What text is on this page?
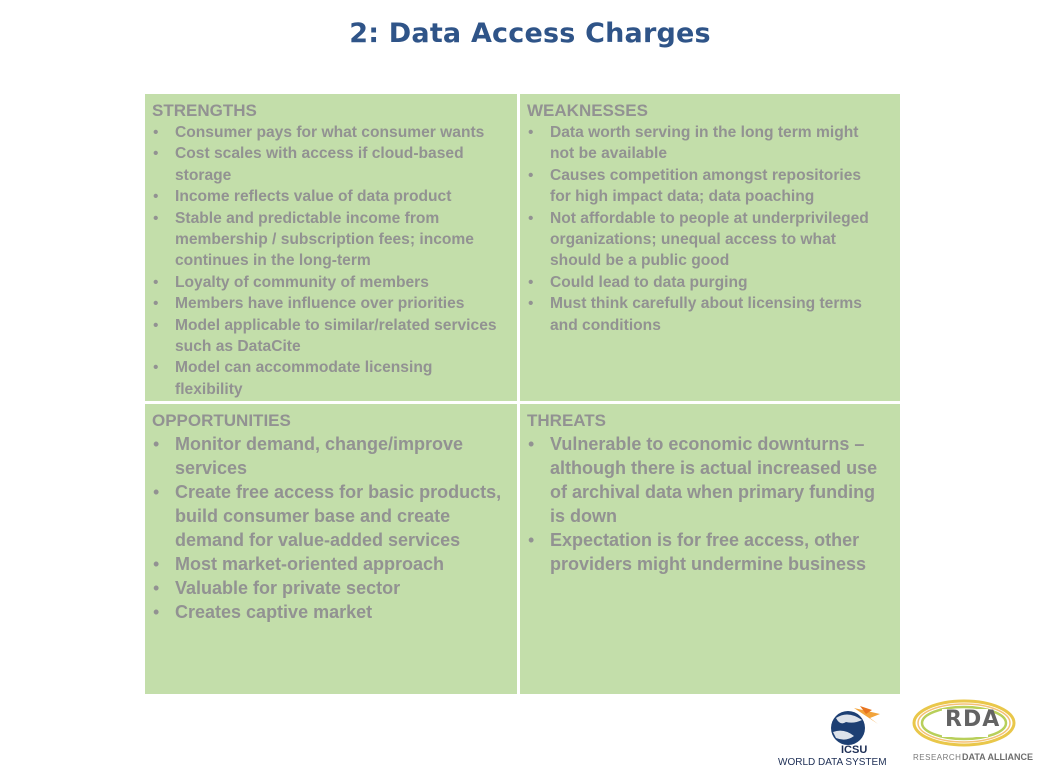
2: Data Access Charges
STRENGTHS
• Consumer pays for what consumer wants
• Cost scales with access if cloud-based
storage
• Income reflects value of data product
• Stable and predictable income from
membership / subscription fees; income
continues in the long-term
• Loyalty of community of members
• Members have influence over priorities
• Model applicable to similar/related services
such as DataCite
• Model can accommodate licensing
flexibility
WEAKNESSES
• Data worth serving in the long term might
not be available
• Causes competition amongst repositories
for high impact data; data poaching
• Not affordable to people at underprivileged
organizations; unequal access to what
should be a public good
• Could lead to data purging
• Must think carefully about licensing terms
and conditions
OPPORTUNITIES
• Monitor demand, change/improve
services
• Create free access for basic products,
build consumer base and create
demand for value-added services
• Most market-oriented approach
• Valuable for private sector
• Creates captive market
THREATS
• Vulnerable to economic downturns –
although there is actual increased use
of archival data when primary funding
is down
• Expectation is for free access, other
providers might undermine business
ICSU
WORLD DATA SYSTEM
RDA
RESEARCH DATA ALLIANCE
